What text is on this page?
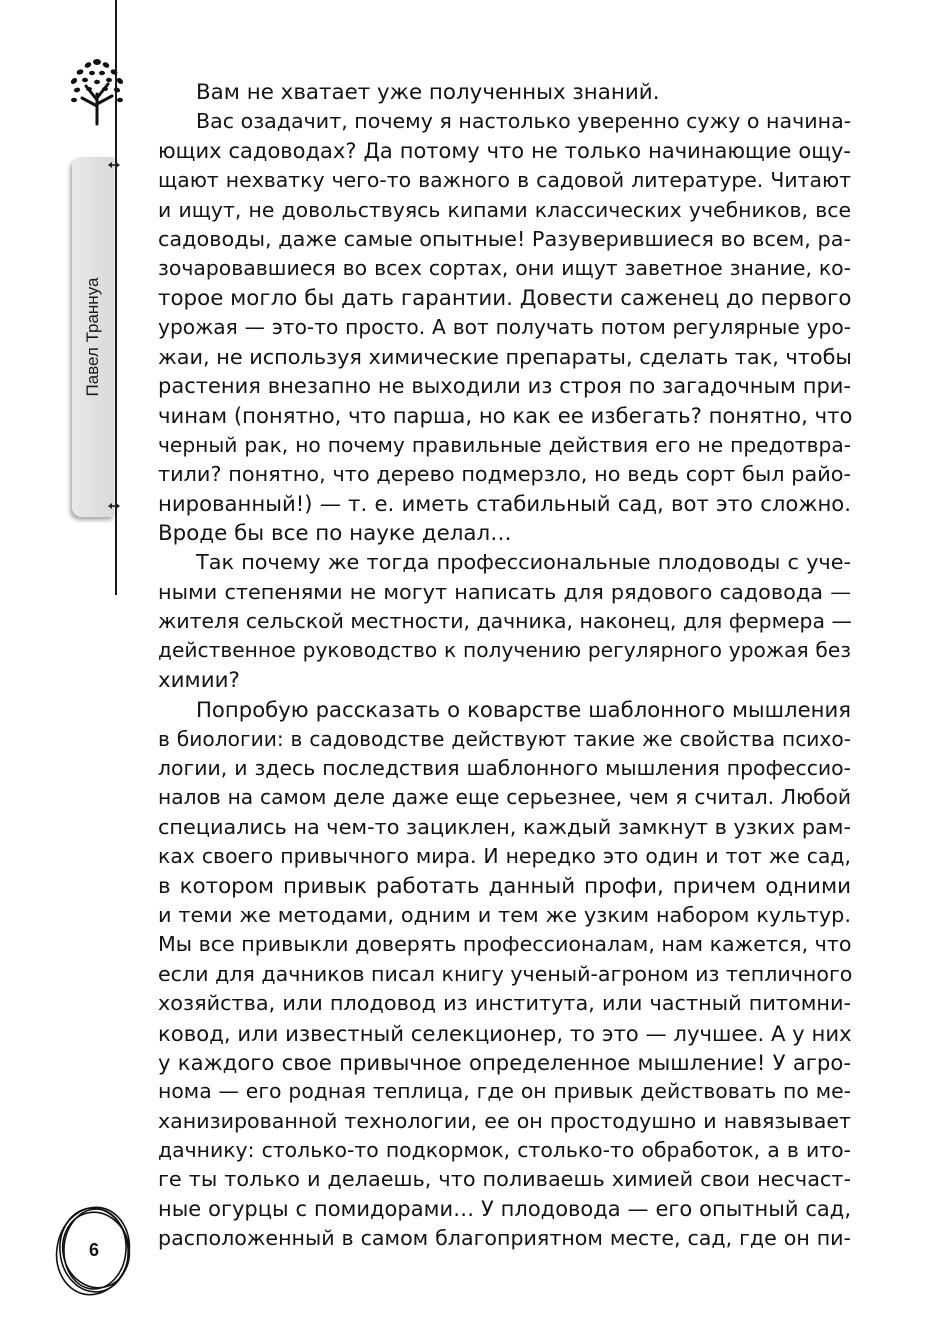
Павел Траннуа
6
Вам не хватает уже полученных знаний.
Вас озадачит, почему я настолько уверенно сужу о начина-
ющих садоводах? Да потому что не только начинающие ощу-
щают нехватку чего-то важного в садовой литературе. Читают
и ищут, не довольствуясь кипами классических учебников, все
садоводы, даже самые опытные! Разуверившиеся во всем, ра-
зочаровавшиеся во всех сортах, они ищут заветное знание, ко-
торое могло бы дать гарантии. Довести саженец до первого
урожая — это-то просто. А вот получать потом регулярные уро-
жаи, не используя химические препараты, сделать так, чтобы
растения внезапно не выходили из строя по загадочным при-
чинам (понятно, что парша, но как ее избегать? понятно, что
черный рак, но почему правильные действия его не предотвра-
тили? понятно, что дерево подмерзло, но ведь сорт был райо-
нированный!) — т. е. иметь стабильный сад, вот это сложно.
Вроде бы все по науке делал…
Так почему же тогда профессиональные плодоводы с уче-
ными степенями не могут написать для рядового садовода —
жителя сельской местности, дачника, наконец, для фермера —
действенное руководство к получению регулярного урожая без
химии?
Попробую рассказать о коварстве шаблонного мышления
в биологии: в садоводстве действуют такие же свойства психо-
логии, и здесь последствия шаблонного мышления профессио-
налов на самом деле даже еще серьезнее, чем я считал. Любой
специались на чем-то зациклен, каждый замкнут в узких рам-
ках своего привычного мира. И нередко это один и тот же сад,
в котором привык работать данный профи, причем одними
и теми же методами, одним и тем же узким набором культур.
Мы все привыкли доверять профессионалам, нам кажется, что
если для дачников писал книгу ученый-агроном из тепличного
хозяйства, или плодовод из института, или частный питомни-
ковод, или известный селекционер, то это — лучшее. А у них
у каждого свое привычное определенное мышление! У агро-
нома — его родная теплица, где он привык действовать по ме-
ханизированной технологии, ее он простодушно и навязывает
дачнику: столько-то подкормок, столько-то обработок, а в ито-
ге ты только и делаешь, что поливаешь химией свои несчаст-
ные огурцы с помидорами… У плодовода — его опытный сад,
расположенный в самом благоприятном месте, сад, где он пи-
